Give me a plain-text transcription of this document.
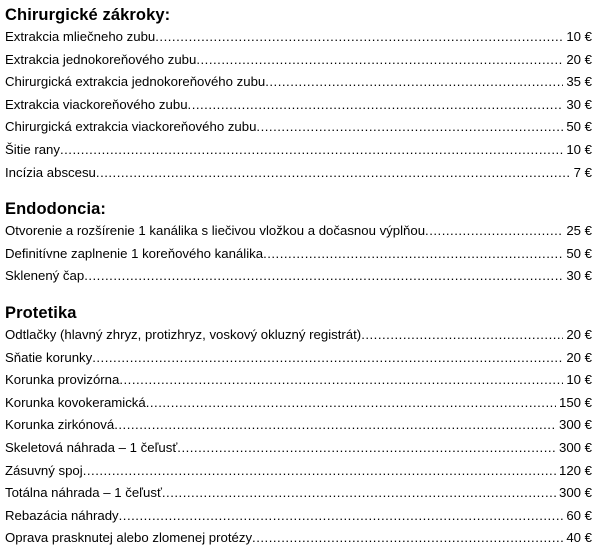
Chirurgické zákroky:
Extrakcia mliečneho zubu .....	10 €
Extrakcia jednokoreňového zubu .....	20 €
Chirurgická extrakcia jednokoreňového zubu .....	35 €
Extrakcia viackoreňového zubu .....	30 €
Chirurgická extrakcia viackoreňového zubu .....	50 €
Šitie rany .....	10 €
Incízia abscesu .....	7 €
Endodoncia:
Otvorenie a rozšírenie 1 kanálika s liečivou vložkou a dočasnou výplňou .....	25 €
Definitívne zaplnenie 1 koreňového kanálika .....	50 €
Sklenený čap .....	30 €
Protetika
Odtlačky (hlavný zhryz, protizhryz, voskový okluzný registrát) .....	20 €
Sňatie korunky .....	20 €
Korunka provizórna .....	10 €
Korunka kovokeramická .....	150 €
Korunka zirkónová .....	300 €
Skeletová náhrada – 1 čeľusť .....	300 €
Zásuvný spoj .....	120 €
Totálna náhrada – 1 čeľusť .....	300 €
Rebazácia náhrady .....	60 €
Oprava prasknutej alebo zlomenej protézy .....	40 €
